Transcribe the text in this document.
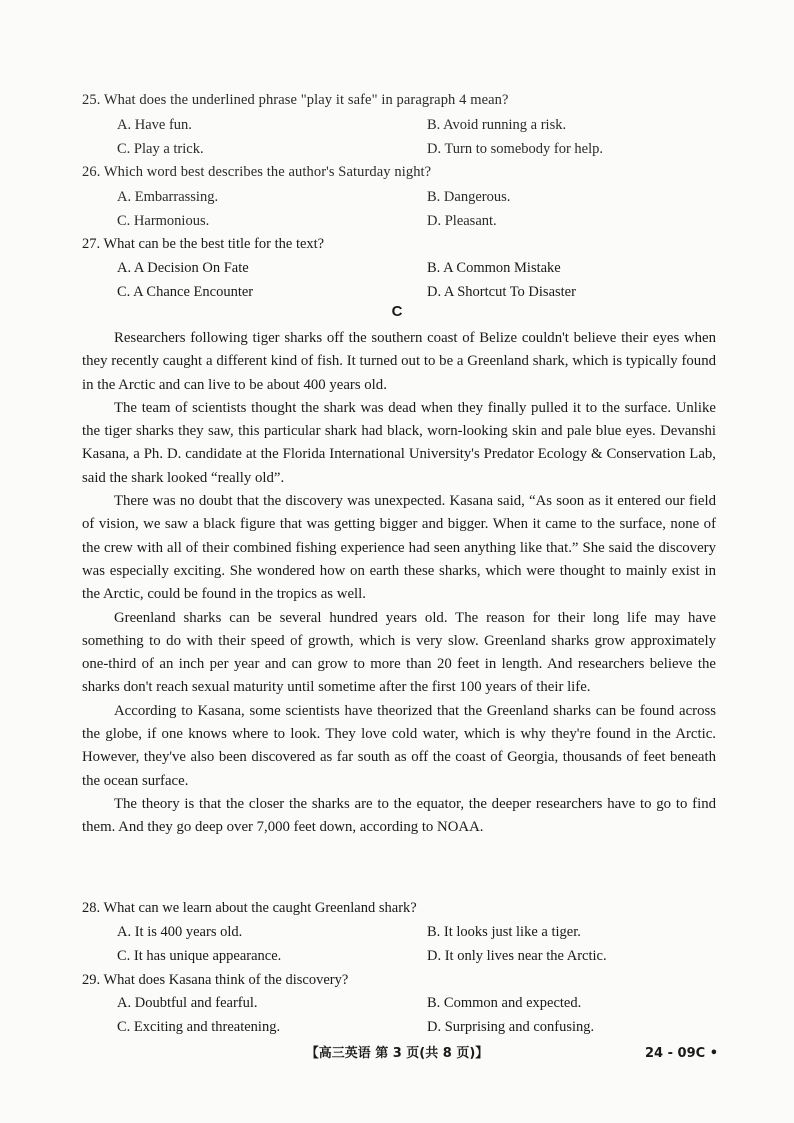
25. What does the underlined phrase "play it safe" in paragraph 4 mean?
A. Have fun.	B. Avoid running a risk.
C. Play a trick.	D. Turn to somebody for help.
26. Which word best describes the author's Saturday night?
A. Embarrassing.	B. Dangerous.
C. Harmonious.	D. Pleasant.
27. What can be the best title for the text?
A. A Decision On Fate	B. A Common Mistake
C. A Chance Encounter	D. A Shortcut To Disaster
C

Researchers following tiger sharks off the southern coast of Belize couldn't believe their eyes when they recently caught a different kind of fish. It turned out to be a Greenland shark, which is typically found in the Arctic and can live to be about 400 years old.

The team of scientists thought the shark was dead when they finally pulled it to the surface. Unlike the tiger sharks they saw, this particular shark had black, worn-looking skin and pale blue eyes. Devanshi Kasana, a Ph. D. candidate at the Florida International University's Predator Ecology & Conservation Lab, said the shark looked “really old”.

There was no doubt that the discovery was unexpected. Kasana said, “As soon as it entered our field of vision, we saw a black figure that was getting bigger and bigger. When it came to the surface, none of the crew with all of their combined fishing experience had seen anything like that.” She said the discovery was especially exciting. She wondered how on earth these sharks, which were thought to mainly exist in the Arctic, could be found in the tropics as well.

Greenland sharks can be several hundred years old. The reason for their long life may have something to do with their speed of growth, which is very slow. Greenland sharks grow approximately one-third of an inch per year and can grow to more than 20 feet in length. And researchers believe the sharks don't reach sexual maturity until sometime after the first 100 years of their life.

According to Kasana, some scientists have theorized that the Greenland sharks can be found across the globe, if one knows where to look. They love cold water, which is why they're found in the Arctic. However, they've also been discovered as far south as off the coast of Georgia, thousands of feet beneath the ocean surface.

The theory is that the closer the sharks are to the equator, the deeper researchers have to go to find them. And they go deep over 7,000 feet down, according to NOAA.

28. What can we learn about the caught Greenland shark?
A. It is 400 years old.	B. It looks just like a tiger.
C. It has unique appearance.	D. It only lives near the Arctic.
29. What does Kasana think of the discovery?
A. Doubtful and fearful.	B. Common and expected.
C. Exciting and threatening.	D. Surprising and confusing.
【高三英语 第 3 页(共 8 页)】	24 - 09C •
